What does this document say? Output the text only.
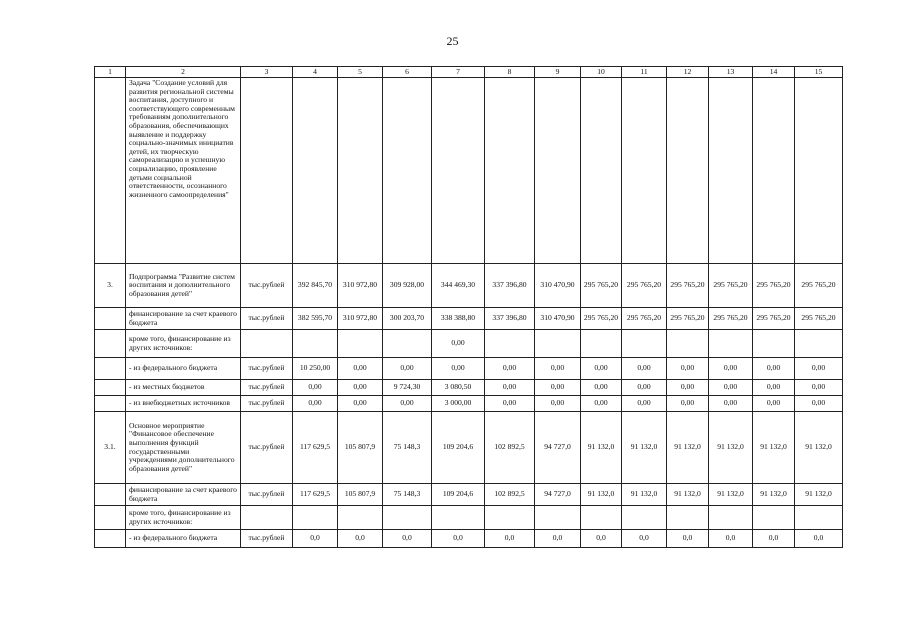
25
1	2	3	4	5	6	7	8	9	10	11	12	13	14	15
	Задача "Создание условий для развития региональной системы воспитания, доступного и соответствующего современным требованиям дополнительного образования, обеспечивающих выявление и поддержку социально-значимых инициатив детей, их творческую самореализацию и успешную социализацию, проявление детьми социальной ответственности, осознанного жизненного самоопределения"													
3.	Подпрограмма "Развитие систем воспитания и дополнительного образования детей"	тыс.рублей	392 845,70	310 972,80	309 928,00	344 469,30	337 396,80	310 470,90	295 765,20	295 765,20	295 765,20	295 765,20	295 765,20	295 765,20
	финансирование за счет краевого бюджета	тыс.рублей	382 595,70	310 972,80	300 203,70	338 388,80	337 396,80	310 470,90	295 765,20	295 765,20	295 765,20	295 765,20	295 765,20	295 765,20
	кроме того, финансирование из других источников:					0,00								
	- из федерального бюджета	тыс.рублей	10 250,00	0,00	0,00	0,00	0,00	0,00	0,00	0,00	0,00	0,00	0,00	0,00
	- из местных бюджетов	тыс.рублей	0,00	0,00	9 724,30	3 080,50	0,00	0,00	0,00	0,00	0,00	0,00	0,00	0,00
	- из внебюджетных источников	тыс.рублей	0,00	0,00	0,00	3 000,00	0,00	0,00	0,00	0,00	0,00	0,00	0,00	0,00
3.1.	Основное мероприятие "Финансовое обеспечение выполнения функций государственными учреждениями дополнительного образования детей"	тыс.рублей	117 629,5	105 807,9	75 148,3	109 204,6	102 892,5	94 727,0	91 132,0	91 132,0	91 132,0	91 132,0	91 132,0	91 132,0
	финансирование за счет краевого бюджета	тыс.рублей	117 629,5	105 807,9	75 148,3	109 204,6	102 892,5	94 727,0	91 132,0	91 132,0	91 132,0	91 132,0	91 132,0	91 132,0
	кроме того, финансирование из других источников:													
	- из федерального бюджета	тыс.рублей	0,0	0,0	0,0	0,0	0,0	0,0	0,0	0,0	0,0	0,0	0,0	0,0
